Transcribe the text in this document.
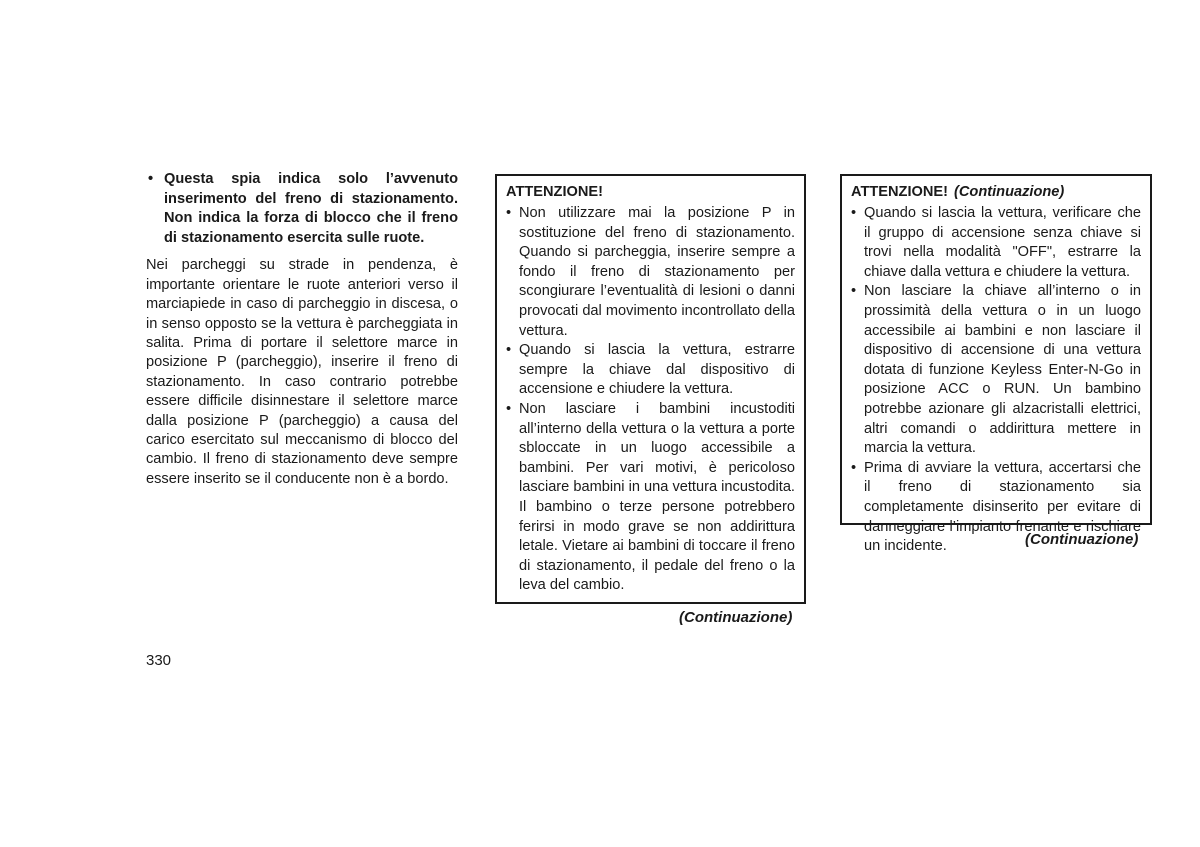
• Questa spia indica solo l’avvenuto inserimento del freno di stazionamento. Non indica la forza di blocco che il freno di stazionamento esercita sulle ruote.
Nei parcheggi su strade in pendenza, è importante orientare le ruote anteriori verso il marciapiede in caso di parcheggio in discesa, o in senso opposto se la vettura è parcheggiata in salita. Prima di portare il selettore marce in posizione P (parcheggio), inserire il freno di stazionamento. In caso contrario potrebbe essere difficile disinnestare il selettore marce dalla posizione P (parcheggio) a causa del carico esercitato sul meccanismo di blocco del cambio. Il freno di stazionamento deve sempre essere inserito se il conducente non è a bordo.
ATTENZIONE!
• Non utilizzare mai la posizione P in sostituzione del freno di stazionamento. Quando si parcheggia, inserire sempre a fondo il freno di stazionamento per scongiurare l’eventualità di lesioni o danni provocati dal movimento incontrollato della vettura.
• Quando si lascia la vettura, estrarre sempre la chiave dal dispositivo di accensione e chiudere la vettura.
• Non lasciare i bambini incustoditi all’interno della vettura o la vettura a porte sbloccate in un luogo accessibile a bambini. Per vari motivi, è pericoloso lasciare bambini in una vettura incustodita. Il bambino o terze persone potrebbero ferirsi in modo grave se non addirittura letale. Vietare ai bambini di toccare il freno di stazionamento, il pedale del freno o la leva del cambio.
(Continuazione)
ATTENZIONE! (Continuazione)
• Quando si lascia la vettura, verificare che il gruppo di accensione senza chiave si trovi nella modalità "OFF", estrarre la chiave dalla vettura e chiudere la vettura.
• Non lasciare la chiave all’interno o in prossimità della vettura o in un luogo accessibile ai bambini e non lasciare il dispositivo di accensione di una vettura dotata di funzione Keyless Enter-N-Go in posizione ACC o RUN. Un bambino potrebbe azionare gli alzacristalli elettrici, altri comandi o addirittura mettere in marcia la vettura.
• Prima di avviare la vettura, accertarsi che il freno di stazionamento sia completamente disinserito per evitare di danneggiare l’impianto frenante e rischiare un incidente.	(Continuazione)
330
